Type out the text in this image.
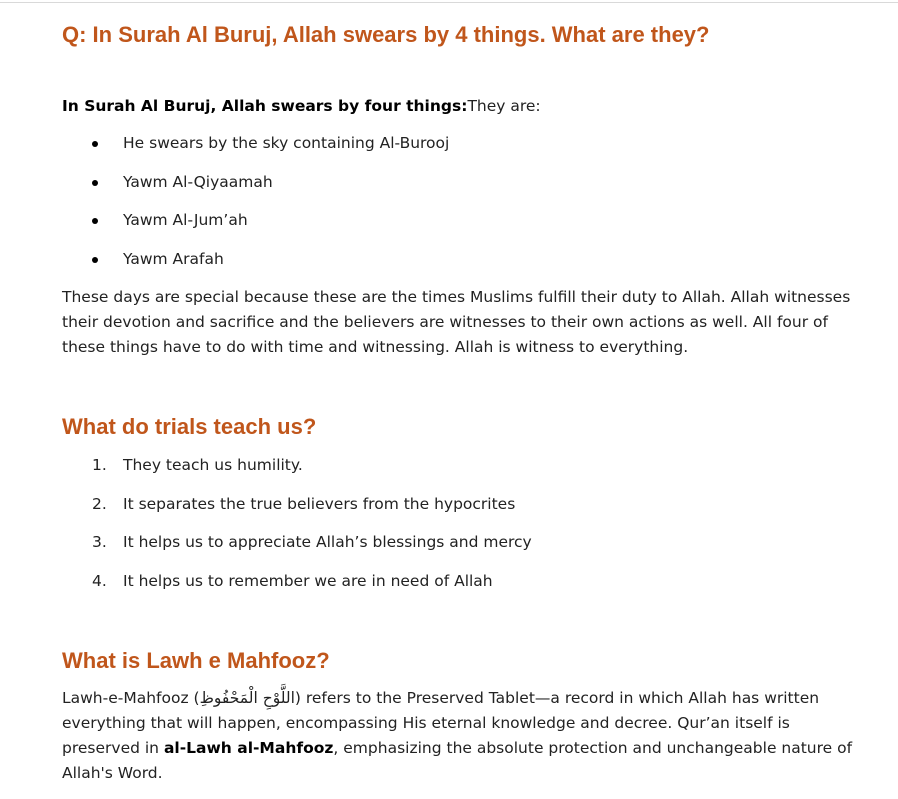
Q: In Surah Al Buruj, Allah swears by 4 things. What are they?

In Surah Al Buruj, Allah swears by four things:They are:

He swears by the sky containing Al-Burooj
Yawm Al-Qiyaamah
Yawm Al-Jum’ah
Yawm Arafah

These days are special because these are the times Muslims fulfill their duty to Allah. Allah witnesses their devotion and sacrifice and the believers are witnesses to their own actions as well. All four of these things have to do with time and witnessing. Allah is witness to everything.

What do trials teach us?
1. They teach us humility.
2. It separates the true believers from the hypocrites
3. It helps us to appreciate Allah’s blessings and mercy
4. It helps us to remember we are in need of Allah
What is Lawh e Mahfooz?

Lawh-e-Mahfooz (اللَّوْحِ الْمَحْفُوظِ) refers to the Preserved Tablet—a record in which Allah has written everything that will happen, encompassing His eternal knowledge and decree. Qur’an itself is preserved in al-Lawh al-Mahfooz, emphasizing the absolute protection and unchangeable nature of Allah's Word.
